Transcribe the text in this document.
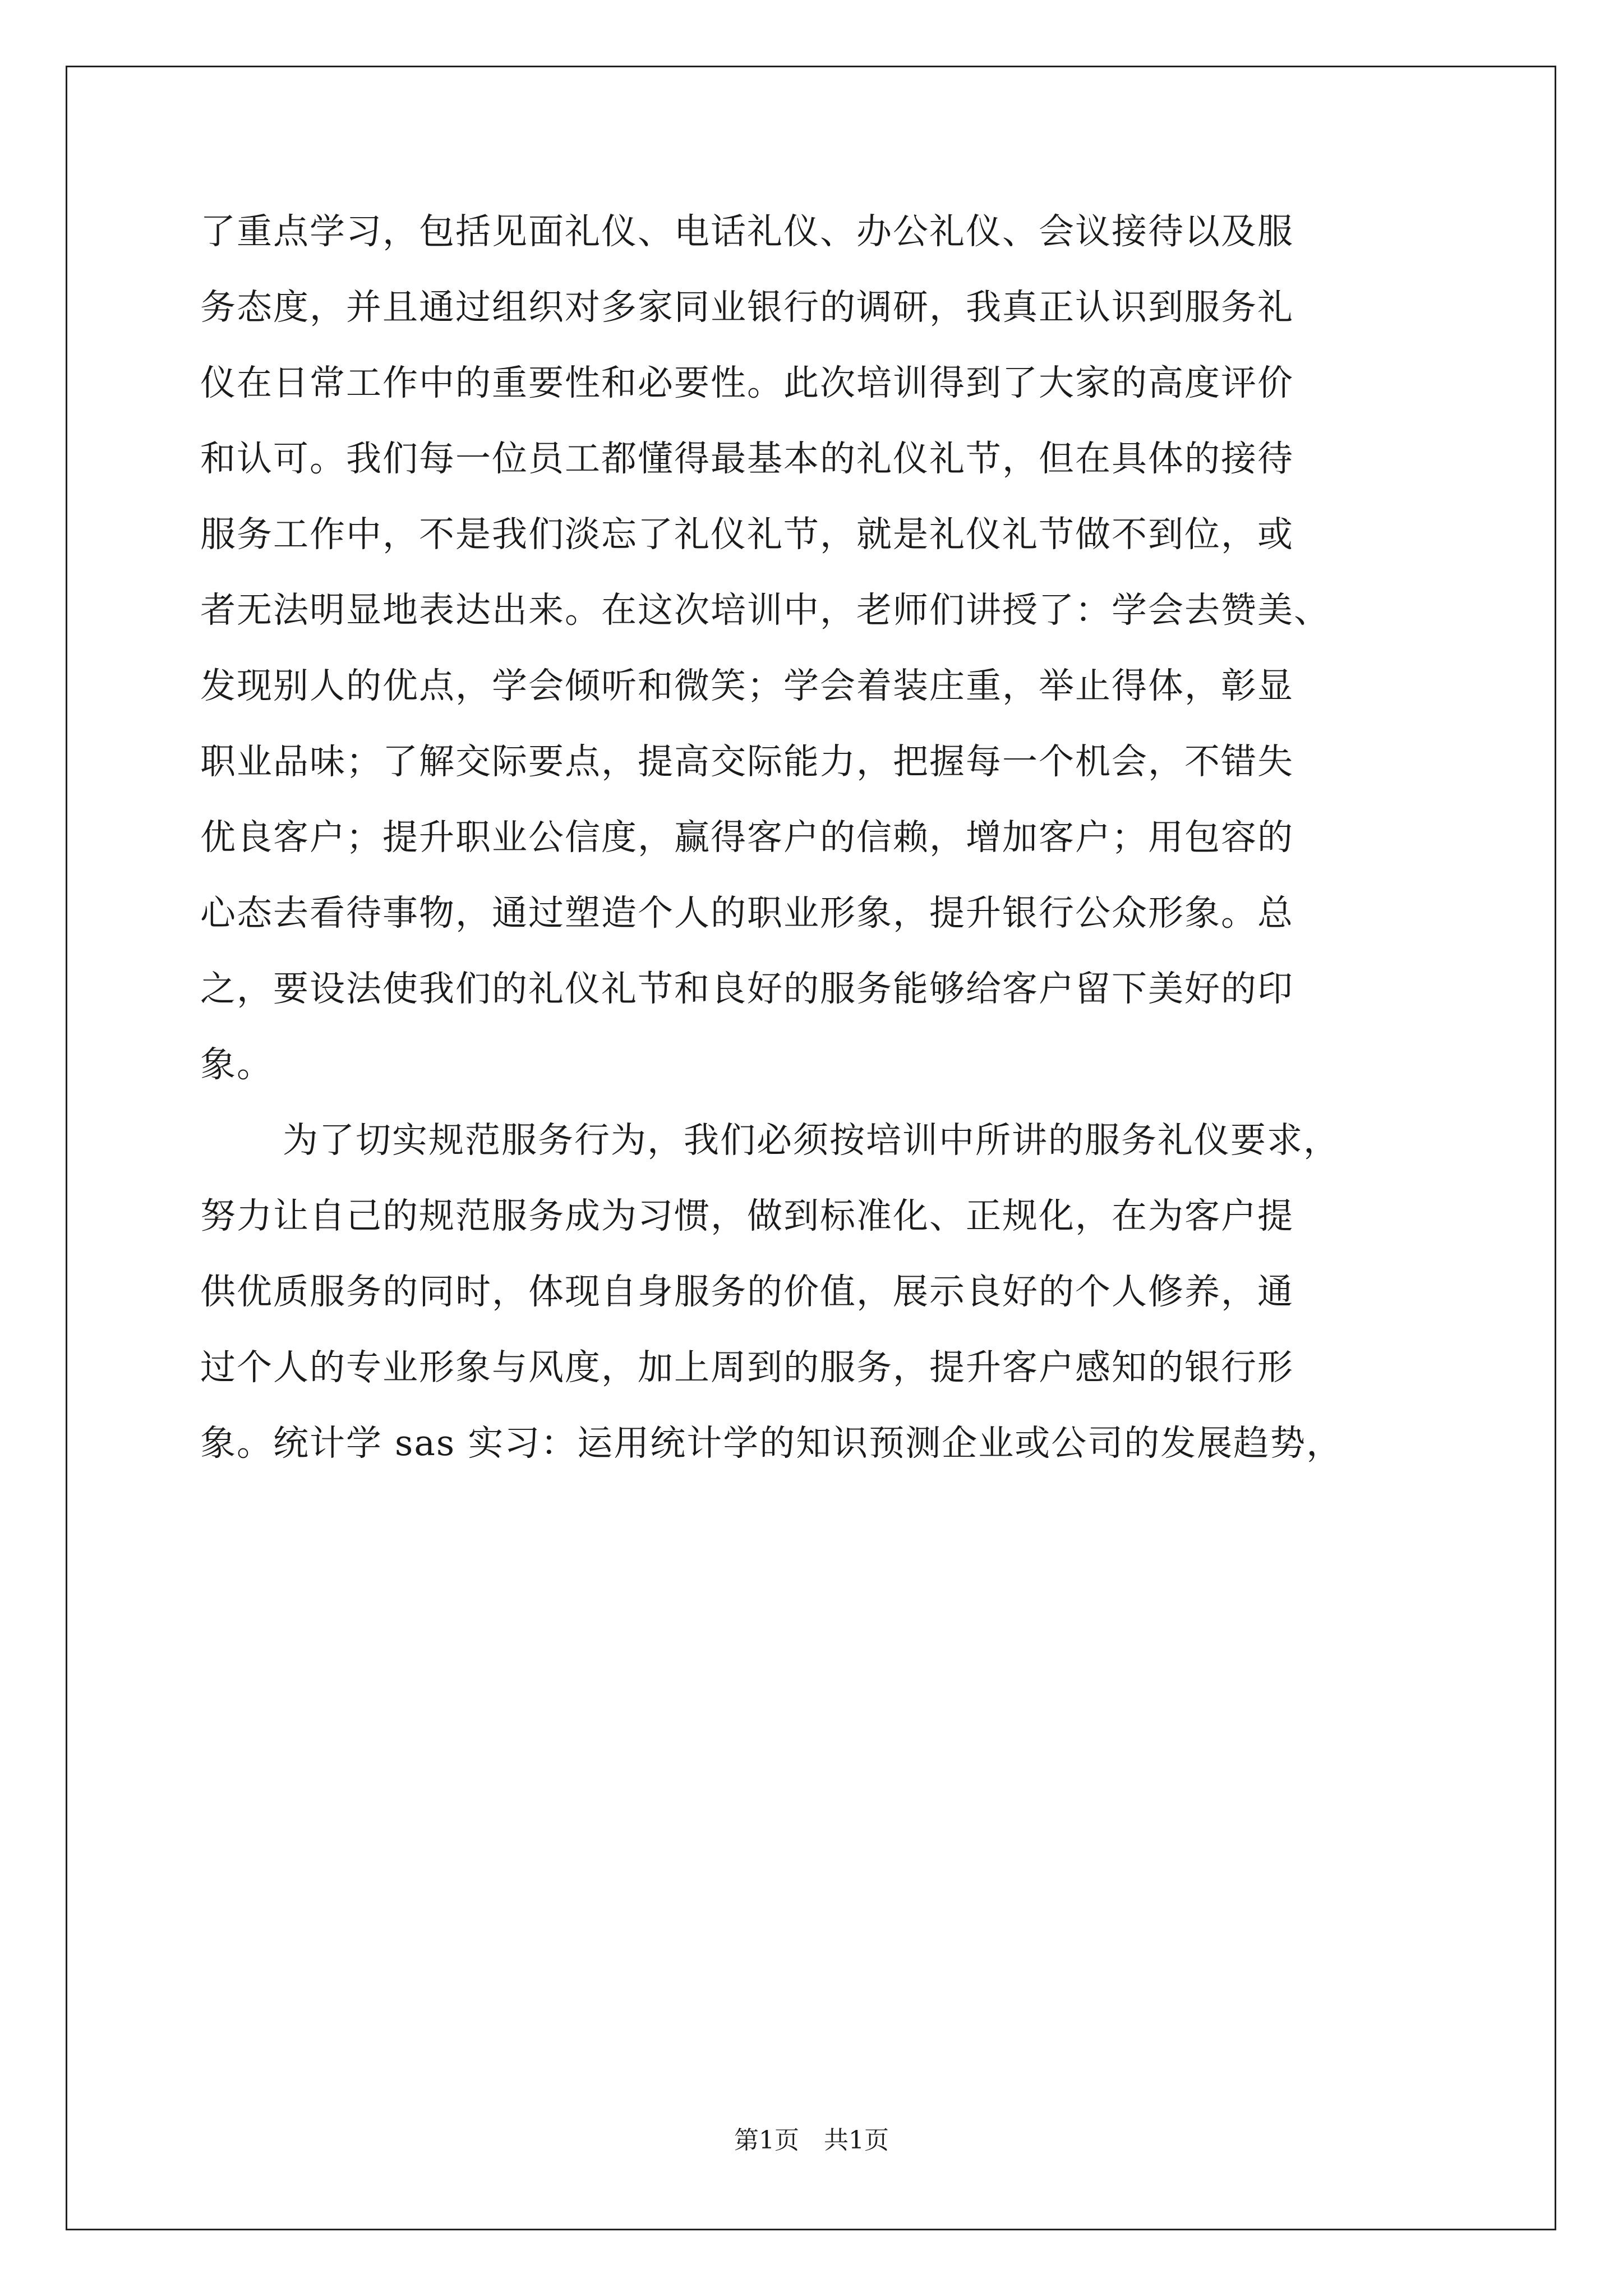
了重点学习，包括见面礼仪、电话礼仪、办公礼仪、会议接待以及服
务态度，并且通过组织对多家同业银行的调研，我真正认识到服务礼
仪在日常工作中的重要性和必要性。此次培训得到了大家的高度评价
和认可。我们每一位员工都懂得最基本的礼仪礼节，但在具体的接待
服务工作中，不是我们淡忘了礼仪礼节，就是礼仪礼节做不到位，或
者无法明显地表达出来。在这次培训中，老师们讲授了：学会去赞美、
发现别人的优点，学会倾听和微笑；学会着装庄重，举止得体，彰显
职业品味；了解交际要点，提高交际能力，把握每一个机会，不错失
优良客户；提升职业公信度，赢得客户的信赖，增加客户；用包容的
心态去看待事物，通过塑造个人的职业形象，提升银行公众形象。总
之，要设法使我们的礼仪礼节和良好的服务能够给客户留下美好的印
象。
为了切实规范服务行为，我们必须按培训中所讲的服务礼仪要求，
努力让自己的规范服务成为习惯，做到标准化、正规化，在为客户提
供优质服务的同时，体现自身服务的价值，展示良好的个人修养，通
过个人的专业形象与风度，加上周到的服务，提升客户感知的银行形
象。统计学 sas 实习：运用统计学的知识预测企业或公司的发展趋势，
第1页　共1页
